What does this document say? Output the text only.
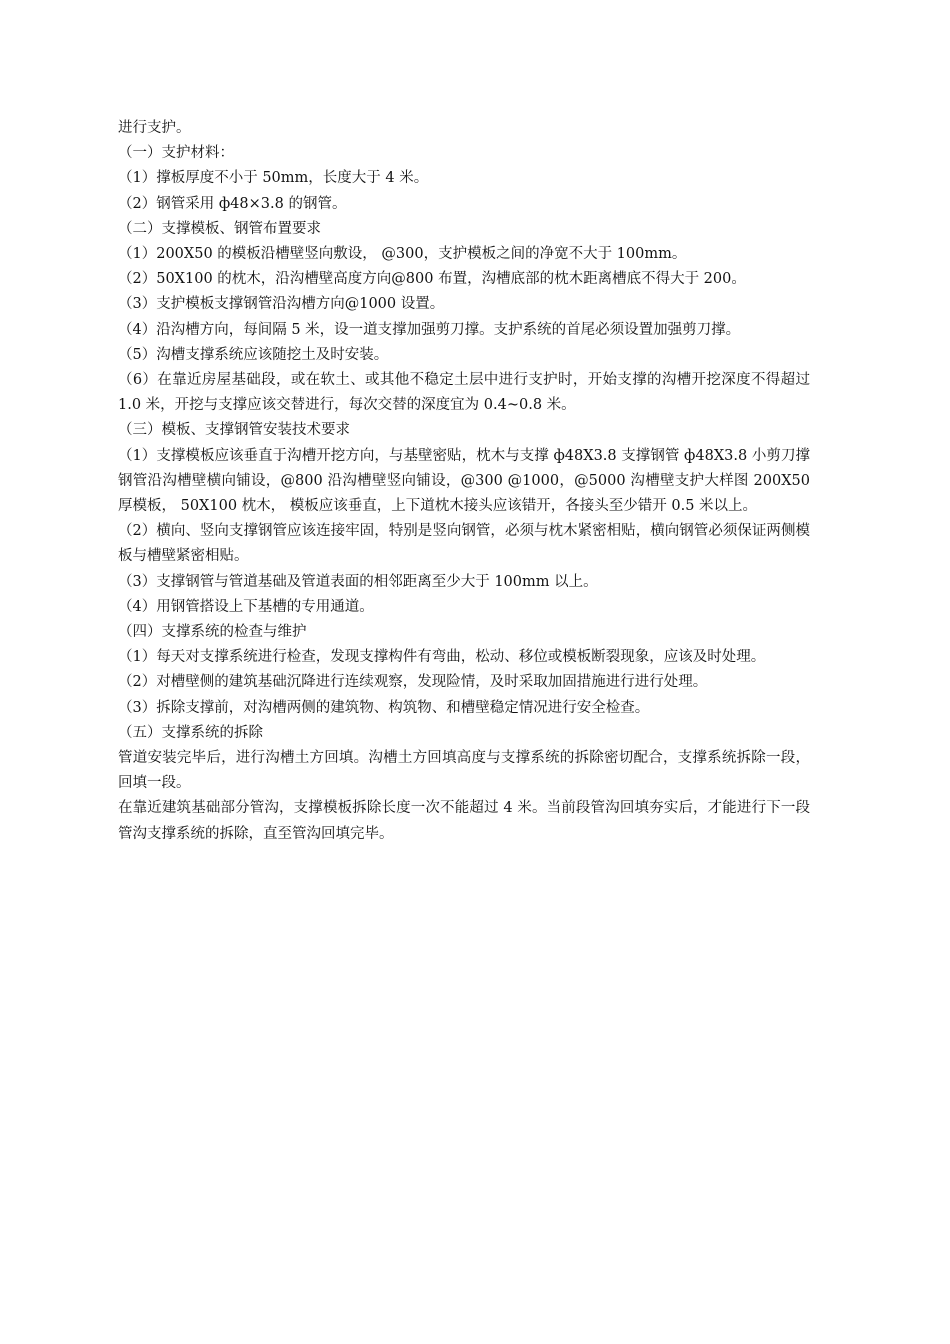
进行支护。

（一）支护材料：

（1）撑板厚度不小于 50mm，长度大于 4 米。

（2）钢管采用 ф48×3.8 的钢管。

（二）支撑模板、钢管布置要求

（1）200X50 的模板沿槽壁竖向敷设， @300，支护模板之间的净宽不大于 100mm。

（2）50X100 的枕木，沿沟槽壁高度方向@800 布置，沟槽底部的枕木距离槽底不得大于 200。

（3）支护模板支撑钢管沿沟槽方向@1000 设置。

（4）沿沟槽方向，每间隔 5 米，设一道支撑加强剪刀撑。支护系统的首尾必须设置加强剪刀撑。

（5）沟槽支撑系统应该随挖土及时安装。

（6）在靠近房屋基础段，或在软土、或其他不稳定土层中进行支护时，开始支撑的沟槽开挖深度不得超过 1.0 米，开挖与支撑应该交替进行，每次交替的深度宜为 0.4~0.8 米。

（三）模板、支撑钢管安装技术要求

（1）支撑模板应该垂直于沟槽开挖方向，与基壁密贴，枕木与支撑 ф48X3.8 支撑钢管 ф48X3.8 小剪刀撑钢管沿沟槽壁横向铺设，@800 沿沟槽壁竖向铺设，@300 @1000，@5000 沟槽壁支护大样图 200X50 厚模板， 50X100 枕木， 模板应该垂直，上下道枕木接头应该错开，各接头至少错开 0.5 米以上。

（2）横向、竖向支撑钢管应该连接牢固，特别是竖向钢管，必须与枕木紧密相贴，横向钢管必须保证两侧模板与槽壁紧密相贴。

（3）支撑钢管与管道基础及管道表面的相邻距离至少大于 100mm 以上。

（4）用钢管搭设上下基槽的专用通道。

（四）支撑系统的检查与维护

（1）每天对支撑系统进行检查，发现支撑构件有弯曲，松动、移位或模板断裂现象，应该及时处理。

（2）对槽壁侧的建筑基础沉降进行连续观察，发现险情，及时采取加固措施进行进行处理。

（3）拆除支撑前，对沟槽两侧的建筑物、构筑物、和槽壁稳定情况进行安全检查。

（五）支撑系统的拆除

管道安装完毕后，进行沟槽土方回填。沟槽土方回填高度与支撑系统的拆除密切配合，支撑系统拆除一段，回填一段。

在靠近建筑基础部分管沟，支撑模板拆除长度一次不能超过 4 米。当前段管沟回填夯实后，才能进行下一段管沟支撑系统的拆除，直至管沟回填完毕。
